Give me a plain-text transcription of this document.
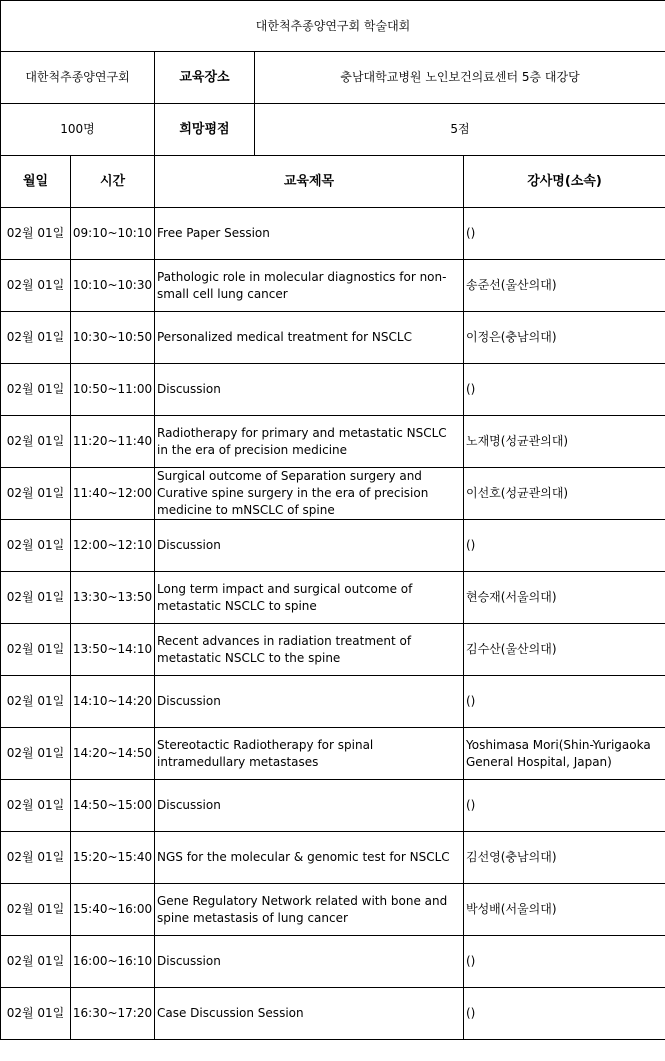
대한척추종양연구회 학술대회				
대한척추종양연구회		교육장소	충남대학교병원 노인보건의료센터 5층 대강당	
100명		희망평점	5점	
월일	시간	교육제목		강사명(소속)
02월 01일	09:10~10:10	Free Paper Session		()
02월 01일	10:10~10:30	Pathologic role in molecular diagnostics for non-small cell lung cancer		송준선(울산의대)
02월 01일	10:30~10:50	Personalized medical treatment for NSCLC		이정은(충남의대)
02월 01일	10:50~11:00	Discussion		()
02월 01일	11:20~11:40	Radiotherapy for primary and metastatic NSCLC in the era of precision medicine		노재명(성균관의대)
02월 01일	11:40~12:00	Surgical outcome of Separation surgery and Curative spine surgery in the era of precision medicine to mNSCLC of spine		이선호(성균관의대)
02월 01일	12:00~12:10	Discussion		()
02월 01일	13:30~13:50	Long term impact and surgical outcome of metastatic NSCLC to spine		현승재(서울의대)
02월 01일	13:50~14:10	Recent advances in radiation treatment of metastatic NSCLC to the spine		김수산(울산의대)
02월 01일	14:10~14:20	Discussion		()
02월 01일	14:20~14:50	Stereotactic Radiotherapy for spinal intramedullary metastases		Yoshimasa Mori(Shin-Yurigaoka General Hospital, Japan)
02월 01일	14:50~15:00	Discussion		()
02월 01일	15:20~15:40	NGS for the molecular & genomic test for NSCLC		김선영(충남의대)
02월 01일	15:40~16:00	Gene Regulatory Network related with bone and spine metastasis of lung cancer		박성배(서울의대)
02월 01일	16:00~16:10	Discussion		()
02월 01일	16:30~17:20	Case Discussion Session		()
